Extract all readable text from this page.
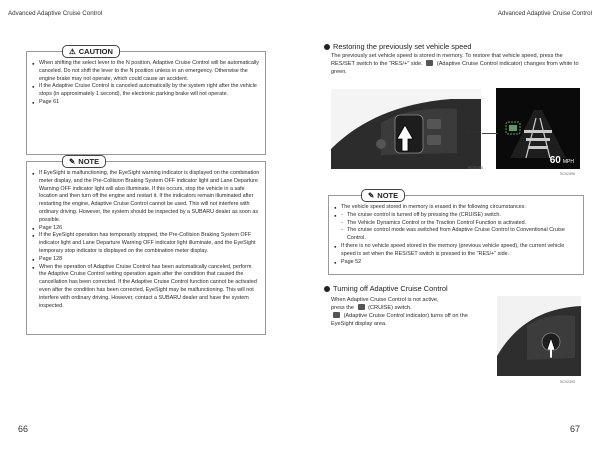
Advanced Adaptive Cruise Control	Advanced Adaptive Cruise Control
● When shifting the select lever to the N position, Adaptive Cruise Control will be automatically canceled. Do not shift the lever to the N position unless in an emergency. Otherwise the engine brake may not operate, which could cause an accident.
● If the Adaptive Cruise Control is canceled automatically by the system right after the vehicle stops (in approximately 1 second), the electronic parking brake will not operate.
● Page 61
⚠ CAUTION
● If EyeSight is malfunctioning, the EyeSight warning indicator is displayed on the combination meter display, and the Pre-Collision Braking System OFF indicator light and Lane Departure Warning OFF indicator light will also illuminate. If this occurs, stop the vehicle in a safe location and then turn off the engine and restart it. If the indicators remain illuminated after restarting the engine, Adaptive Cruise Control cannot be used. This will not interfere with ordinary driving. However, the system should be inspected by a SUBARU dealer as soon as possible.
● Page 126
● If the EyeSight operation has temporarily stopped, the Pre-Collision Braking System OFF indicator light and Lane Departure Warning OFF indicator light illuminate, and the EyeSight temporary stop indicator is displayed on the combination meter display.
● Page 128
● When the operation of Adaptive Cruise Control has been automatically canceled, perform the Adaptive Cruise Control setting operation again after the condition that caused the cancellation has been corrected. If the Adaptive Cruise Control function cannot be activated even after the condition has been corrected, EyeSight may be malfunctioning. This will not interfere with ordinary driving. However, contact a SUBARU dealer and have the system inspected.
✎ NOTE
66
Restoring the previously set vehicle speed
The previously set vehicle speed is stored in memory. To restore that vehicle speed, press the RES/SET switch to the "RES/+" side.	(Adaptive Cruise Control indicator) changes from white to green.
SC02395
60 MPH
Green
SC02396
● The vehicle speed stored in memory is erased in the following circumstances:
- ● The cruise control is turned off by pressing the (CRUISE) switch.
- The Vehicle Dynamics Control or the Traction Control Function is activated.
- The cruise control mode was switched from Adaptive Cruise Control to Conventional Cruise Control.
● If there is no vehicle speed stored in the memory (previous vehicle speed), the current vehicle speed is set when the RES/SET switch is pressed to the "RES/+" side.
● Page 52
✎ NOTE
Turning off Adaptive Cruise Control
When Adaptive Cruise Control is not active,
press the	(CRUISE) switch.
(Adaptive Cruise Control indicator) turns off on the EyeSight display area.
SC02393
67
